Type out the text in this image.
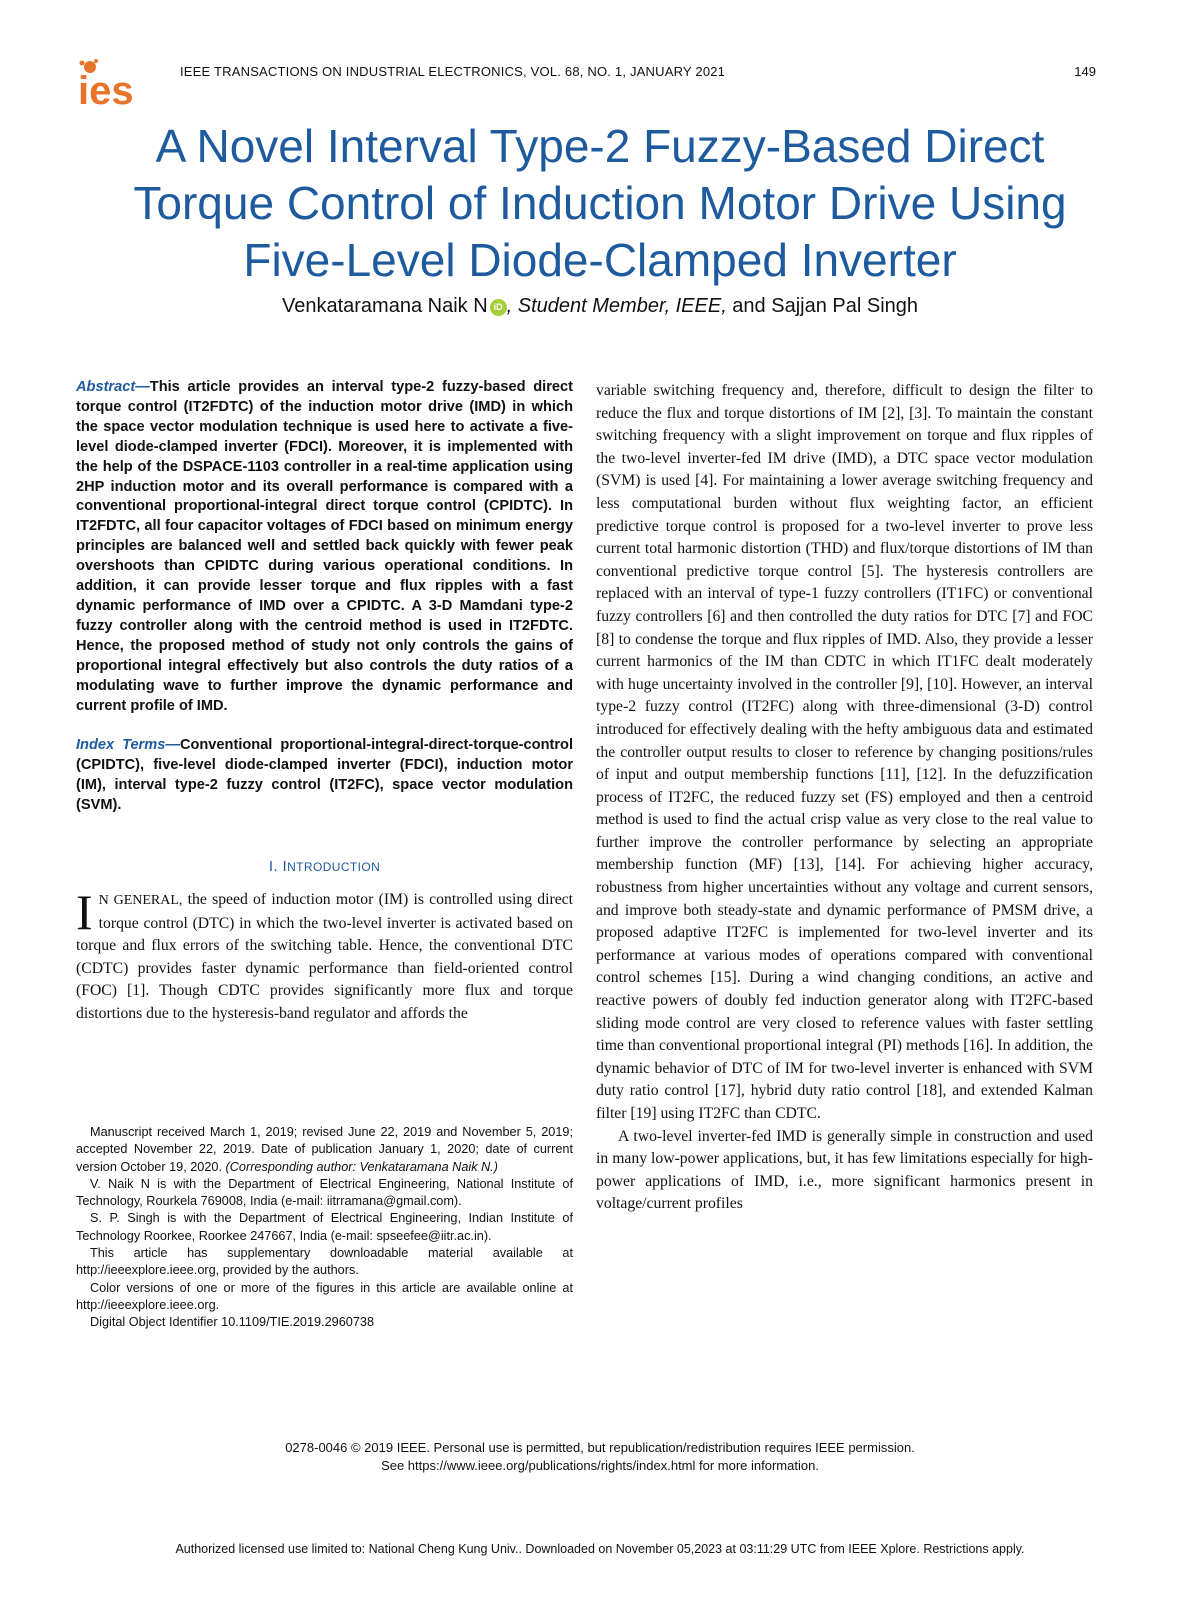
ies	IEEE TRANSACTIONS ON INDUSTRIAL ELECTRONICS, VOL. 68, NO. 1, JANUARY 2021	149
A Novel Interval Type-2 Fuzzy-Based Direct
Torque Control of Induction Motor Drive Using
Five-Level Diode-Clamped Inverter
Venkataramana Naik N iD , Student Member, IEEE, and Sajjan Pal Singh

Abstract—This article provides an interval type-2 fuzzy-based direct torque control (IT2FDTC) of the induction motor drive (IMD) in which the space vector modulation technique is used here to activate a five-level diode-clamped inverter (FDCI). Moreover, it is implemented with the help of the DSPACE-1103 controller in a real-time application using 2HP induction motor and its overall performance is compared with a conventional proportional-integral direct torque control (CPIDTC). In IT2FDTC, all four capacitor voltages of FDCI based on minimum energy principles are balanced well and settled back quickly with fewer peak overshoots than CPIDTC during various operational conditions. In addition, it can provide lesser torque and flux ripples with a fast dynamic performance of IMD over a CPIDTC. A 3-D Mamdani type-2 fuzzy controller along with the centroid method is used in IT2FDTC. Hence, the proposed method of study not only controls the gains of proportional integral effectively but also controls the duty ratios of a modulating wave to further improve the dynamic performance and current profile of IMD.

Index Terms—Conventional proportional-integral-direct-torque-control (CPIDTC), five-level diode-clamped inverter (FDCI), induction motor (IM), interval type-2 fuzzy control (IT2FC), space vector modulation (SVM).

I. INTRODUCTION

I N GENERAL, the speed of induction motor (IM) is controlled using direct torque control (DTC) in which the two-level inverter is activated based on torque and flux errors of the switching table. Hence, the conventional DTC (CDTC) provides faster dynamic performance than field-oriented control (FOC) [1]. Though CDTC provides significantly more flux and torque distortions due to the hysteresis-band regulator and affords the

Manuscript received March 1, 2019; revised June 22, 2019 and November 5, 2019; accepted November 22, 2019. Date of publication January 1, 2020; date of current version October 19, 2020. (Corresponding author: Venkataramana Naik N.)

V. Naik N is with the Department of Electrical Engineering, National Institute of Technology, Rourkela 769008, India (e-mail: iitrramana@gmail.com).

S. P. Singh is with the Department of Electrical Engineering, Indian Institute of Technology Roorkee, Roorkee 247667, India (e-mail: spseefee@iitr.ac.in).

This article has supplementary downloadable material available at http://ieeexplore.ieee.org, provided by the authors.

Color versions of one or more of the figures in this article are available online at http://ieeexplore.ieee.org.

Digital Object Identifier 10.1109/TIE.2019.2960738

variable switching frequency and, therefore, difficult to design the filter to reduce the flux and torque distortions of IM [2], [3]. To maintain the constant switching frequency with a slight improvement on torque and flux ripples of the two-level inverter-fed IM drive (IMD), a DTC space vector modulation (SVM) is used [4]. For maintaining a lower average switching frequency and less computational burden without flux weighting factor, an efficient predictive torque control is proposed for a two-level inverter to prove less current total harmonic distortion (THD) and flux/torque distortions of IM than conventional predictive torque control [5]. The hysteresis controllers are replaced with an interval of type-1 fuzzy controllers (IT1FC) or conventional fuzzy controllers [6] and then controlled the duty ratios for DTC [7] and FOC [8] to condense the torque and flux ripples of IMD. Also, they provide a lesser current harmonics of the IM than CDTC in which IT1FC dealt moderately with huge uncertainty involved in the controller [9], [10]. However, an interval type-2 fuzzy control (IT2FC) along with three-dimensional (3-D) control introduced for effectively dealing with the hefty ambiguous data and estimated the controller output results to closer to reference by changing positions/rules of input and output membership functions [11], [12]. In the defuzzification process of IT2FC, the reduced fuzzy set (FS) employed and then a centroid method is used to find the actual crisp value as very close to the real value to further improve the controller performance by selecting an appropriate membership function (MF) [13], [14]. For achieving higher accuracy, robustness from higher uncertainties without any voltage and current sensors, and improve both steady-state and dynamic performance of PMSM drive, a proposed adaptive IT2FC is implemented for two-level inverter and its performance at various modes of operations compared with conventional control schemes [15]. During a wind changing conditions, an active and reactive powers of doubly fed induction generator along with IT2FC-based sliding mode control are very closed to reference values with faster settling time than conventional proportional integral (PI) methods [16]. In addition, the dynamic behavior of DTC of IM for two-level inverter is enhanced with SVM duty ratio control [17], hybrid duty ratio control [18], and extended Kalman filter [19] using IT2FC than CDTC.

A two-level inverter-fed IMD is generally simple in construction and used in many low-power applications, but, it has few limitations especially for high-power applications of IMD, i.e., more significant harmonics present in voltage/current profiles

0278-0046 © 2019 IEEE. Personal use is permitted, but republication/redistribution requires IEEE permission.
See https://www.ieee.org/publications/rights/index.html for more information.
Authorized licensed use limited to: National Cheng Kung Univ.. Downloaded on November 05,2023 at 03:11:29 UTC from IEEE Xplore. Restrictions apply.
